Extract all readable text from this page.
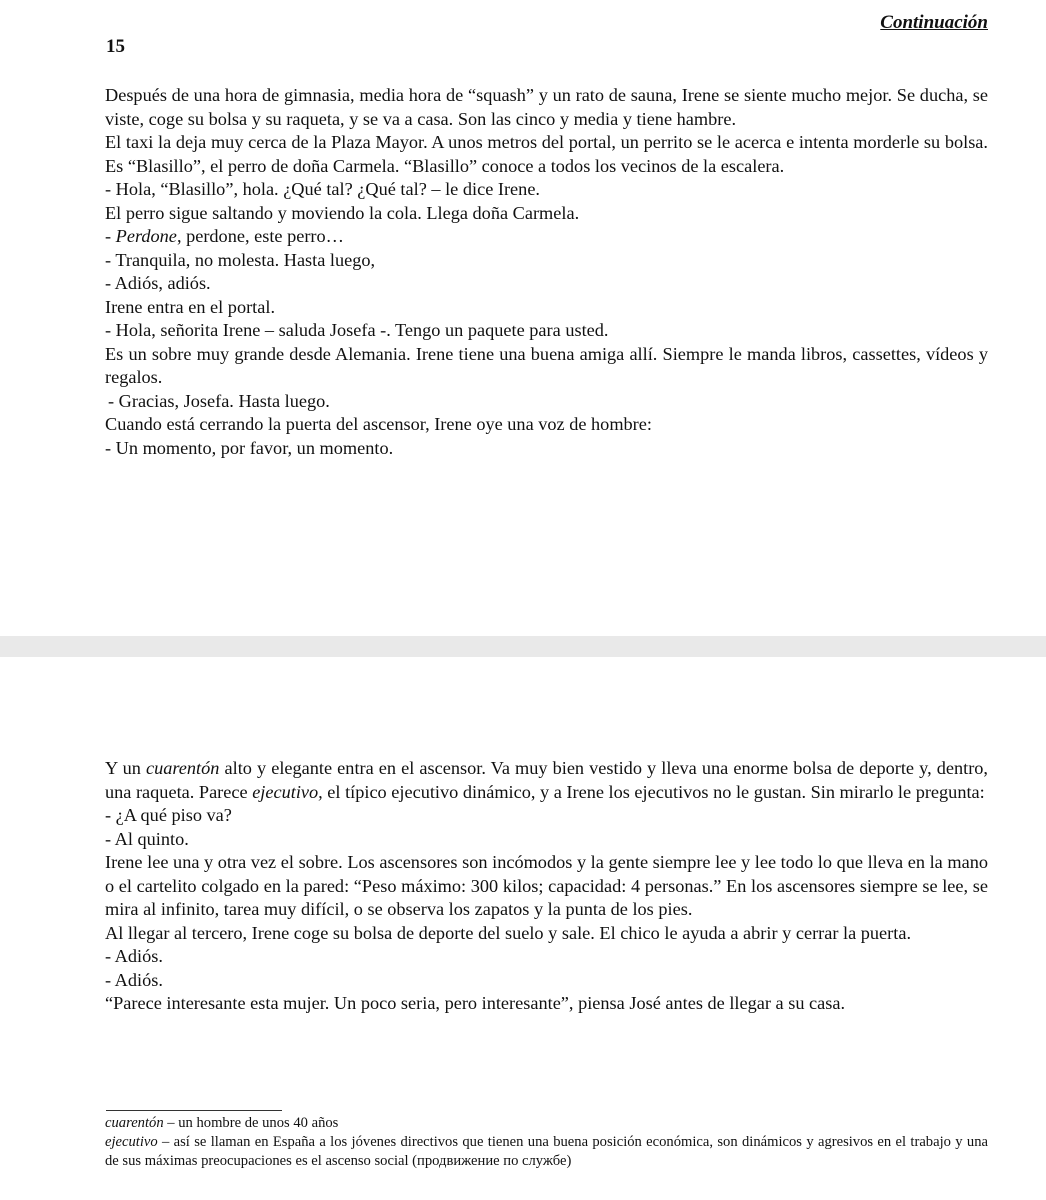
Continuación
15

Después de una hora de gimnasia, media hora de “squash” y un rato de sauna, Irene se siente mucho mejor. Se ducha, se viste, coge su bolsa y su raqueta, y se va a casa. Son las cinco y media y tiene hambre.

El taxi la deja muy cerca de la Plaza Mayor. A unos metros del portal, un perrito se le acerca e intenta morderle su bolsa. Es “Blasillo”, el perro de doña Carmela. “Blasillo” conoce a todos los vecinos de la escalera.

- Hola, “Blasillo”, hola. ¿Qué tal? ¿Qué tal? – le dice Irene.

El perro sigue saltando y moviendo la cola. Llega doña Carmela.

- Perdone, perdone, este perro…

- Tranquila, no molesta. Hasta luego,

- Adiós, adiós.

Irene entra en el portal.

- Hola, señorita Irene – saluda Josefa -. Tengo un paquete para usted.

Es un sobre muy grande desde Alemania. Irene tiene una buena amiga allí. Siempre le manda libros, cassettes, vídeos y regalos.

- Gracias, Josefa. Hasta luego.

Cuando está cerrando la puerta del ascensor, Irene oye una voz de hombre:

- Un momento, por favor, un momento.

Y un cuarentón alto y elegante entra en el ascensor. Va muy bien vestido y lleva una enorme bolsa de deporte y, dentro, una raqueta. Parece ejecutivo, el típico ejecutivo dinámico, y a Irene los ejecutivos no le gustan. Sin mirarlo le pregunta:

- ¿A qué piso va?

- Al quinto.

Irene lee una y otra vez el sobre. Los ascensores son incómodos y la gente siempre lee y lee todo lo que lleva en la mano o el cartelito colgado en la pared: “Peso máximo: 300 kilos; capacidad: 4 personas.” En los ascensores siempre se lee, se mira al infinito, tarea muy difícil, o se observa los zapatos y la punta de los pies.

Al llegar al tercero, Irene coge su bolsa de deporte del suelo y sale. El chico le ayuda a abrir y cerrar la puerta.

- Adiós.

- Adiós.

“Parece interesante esta mujer. Un poco seria, pero interesante”, piensa José antes de llegar a su casa.

cuarentón – un hombre de unos 40 años
ejecutivo – así se llaman en España a los jóvenes directivos que tienen una buena posición económica, son dinámicos y agresivos en el trabajo y una de sus máximas preocupaciones es el ascenso social (продвижение по службе)
